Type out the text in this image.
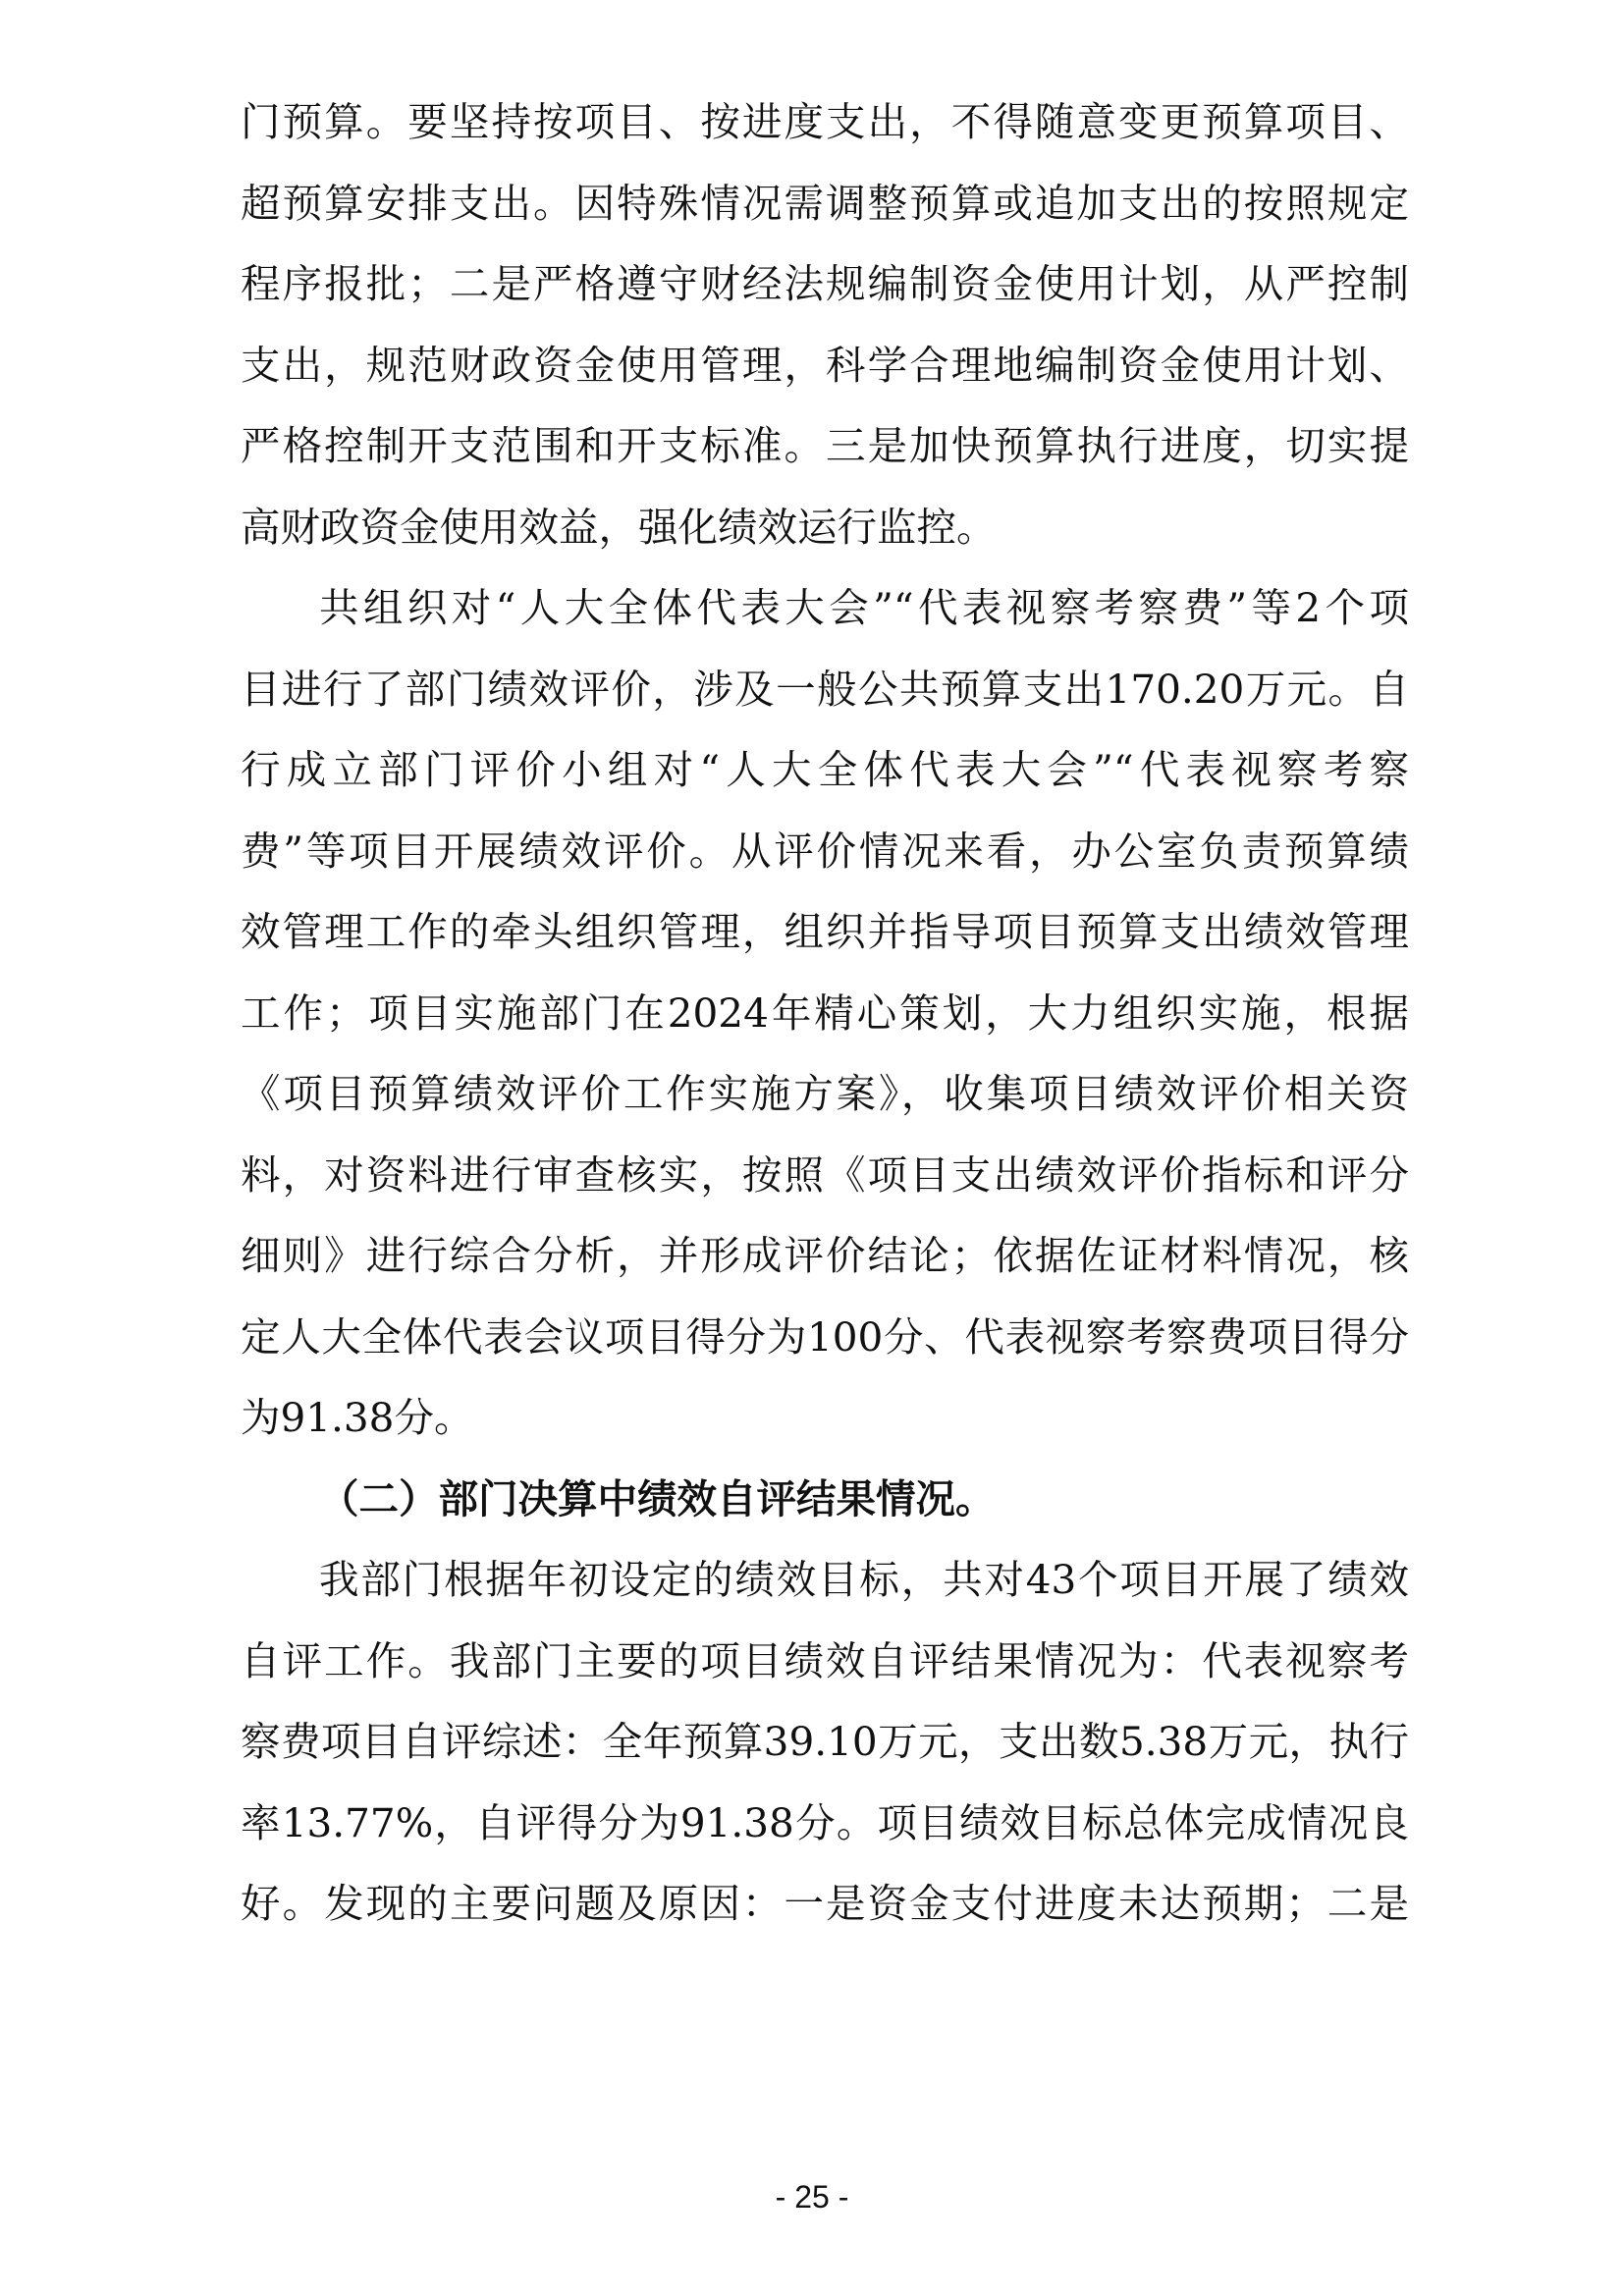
门预算。要坚持按项目、按进度支出，不得随意变更预算项目、
超预算安排支出。因特殊情况需调整预算或追加支出的按照规定
程序报批；二是严格遵守财经法规编制资金使用计划，从严控制
支出，规范财政资金使用管理，科学合理地编制资金使用计划、
严格控制开支范围和开支标准。三是加快预算执行进度，切实提
高财政资金使用效益，强化绩效运行监控。
共组织对“人大全体代表大会”“代表视察考察费”等2个项
目进行了部门绩效评价，涉及一般公共预算支出170.20万元。自
行成立部门评价小组对“人大全体代表大会”“代表视察考察
费”等项目开展绩效评价。从评价情况来看，办公室负责预算绩
效管理工作的牵头组织管理，组织并指导项目预算支出绩效管理
工作；项目实施部门在2024年精心策划，大力组织实施，根据
《项目预算绩效评价工作实施方案》，收集项目绩效评价相关资
料，对资料进行审查核实，按照《项目支出绩效评价指标和评分
细则》进行综合分析，并形成评价结论；依据佐证材料情况，核
定人大全体代表会议项目得分为100分、代表视察考察费项目得分
为91.38分。
（二）部门决算中绩效自评结果情况。
我部门根据年初设定的绩效目标，共对43个项目开展了绩效
自评工作。我部门主要的项目绩效自评结果情况为：代表视察考
察费项目自评综述：全年预算39.10万元，支出数5.38万元，执行
率13.77%，自评得分为91.38分。项目绩效目标总体完成情况良
好。发现的主要问题及原因：一是资金支付进度未达预期；二是
- 25 -
